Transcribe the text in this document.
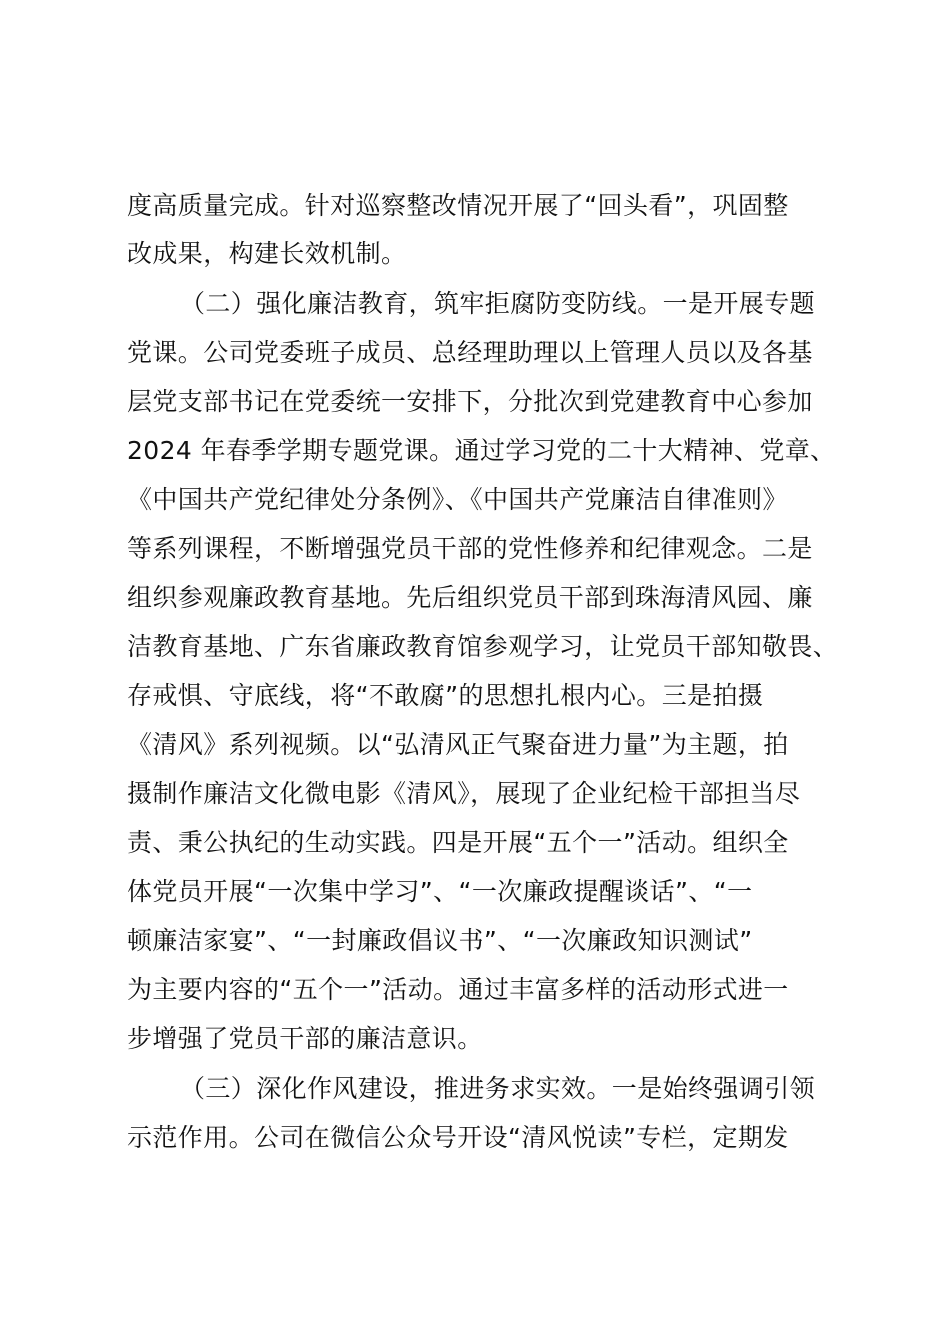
度高质量完成。针对巡察整改情况开展了“回头看”，巩固整
改成果，构建长效机制。
（二）强化廉洁教育，筑牢拒腐防变防线。一是开展专题
党课。公司党委班子成员、总经理助理以上管理人员以及各基
层党支部书记在党委统一安排下，分批次到党建教育中心参加
2024 年春季学期专题党课。通过学习党的二十大精神、党章、
《中国共产党纪律处分条例》、《中国共产党廉洁自律准则》
等系列课程，不断增强党员干部的党性修养和纪律观念。二是
组织参观廉政教育基地。先后组织党员干部到珠海清风园、廉
洁教育基地、广东省廉政教育馆参观学习，让党员干部知敬畏、
存戒惧、守底线，将“不敢腐”的思想扎根内心。三是拍摄
《清风》系列视频。以“弘清风正气聚奋进力量”为主题，拍
摄制作廉洁文化微电影《清风》，展现了企业纪检干部担当尽
责、秉公执纪的生动实践。四是开展“五个一”活动。组织全
体党员开展“一次集中学习”、“一次廉政提醒谈话”、“一
顿廉洁家宴”、“一封廉政倡议书”、“一次廉政知识测试”
为主要内容的“五个一”活动。通过丰富多样的活动形式进一
步增强了党员干部的廉洁意识。
（三）深化作风建设，推进务求实效。一是始终强调引领
示范作用。公司在微信公众号开设“清风悦读”专栏，定期发
